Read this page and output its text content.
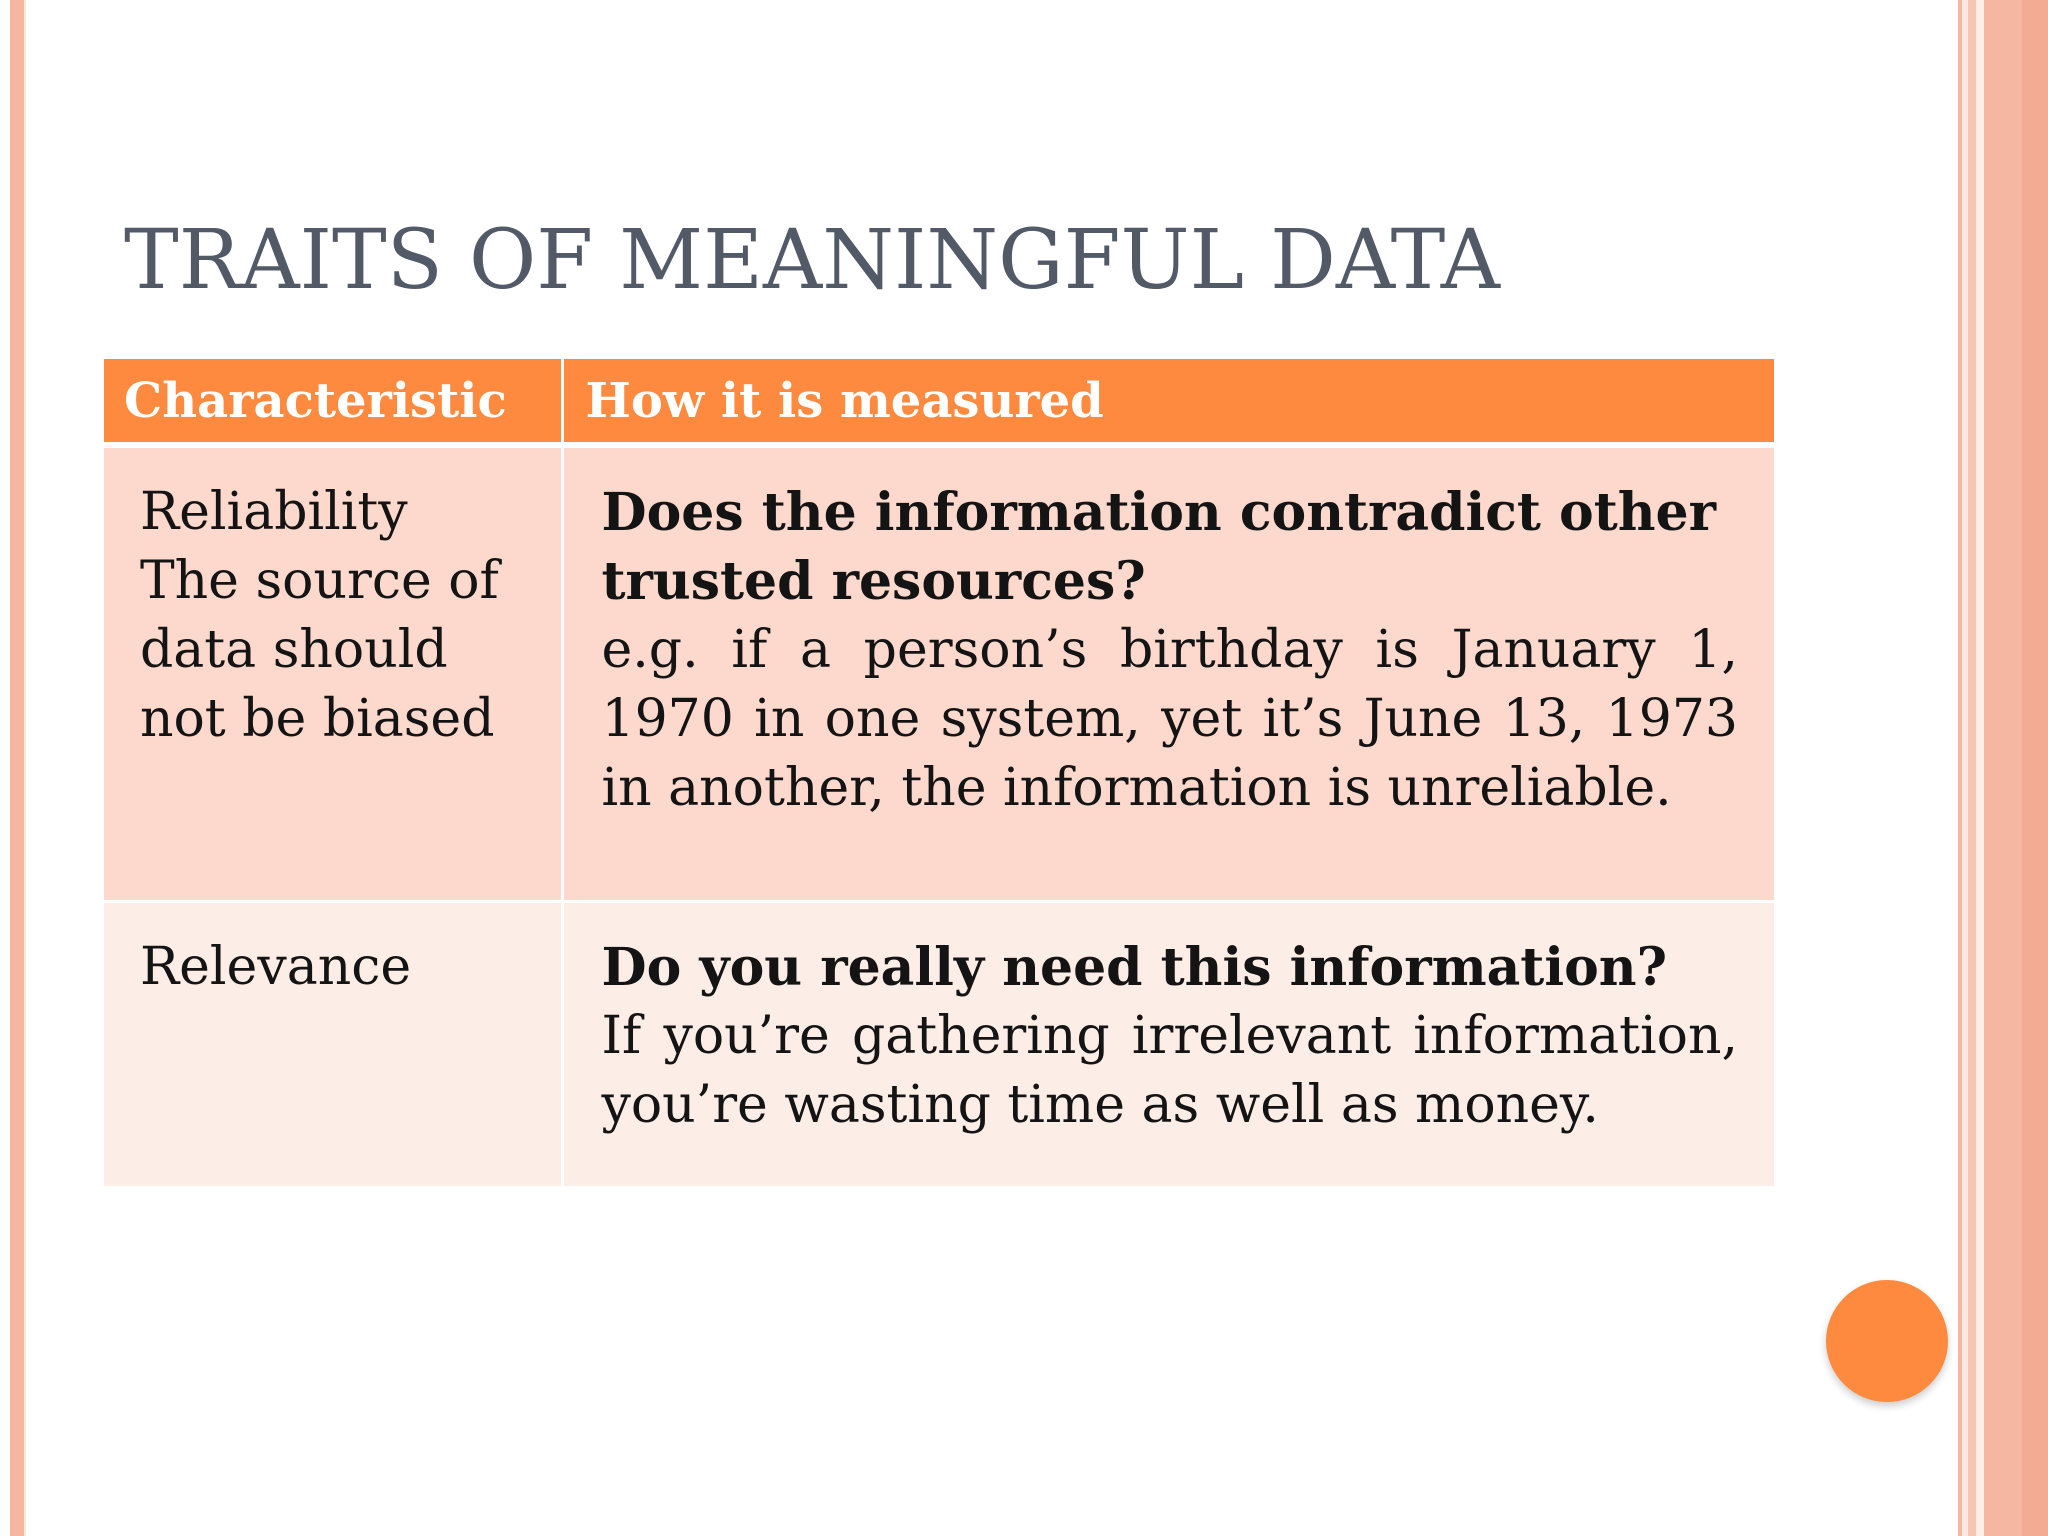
TRAITS OF MEANINGFUL DATA
Characteristic	How it is measured

Reliability
The source of
data should
not be biased	Does the information contradict other trusted resources?
e.g. if a person’s birthday is January 1, 1970 in one system, yet it’s June 13, 1973 in another, the information is unreliable.

Relevance	Do you really need this information?
If you’re gathering irrelevant information, you’re wasting time as well as money.
